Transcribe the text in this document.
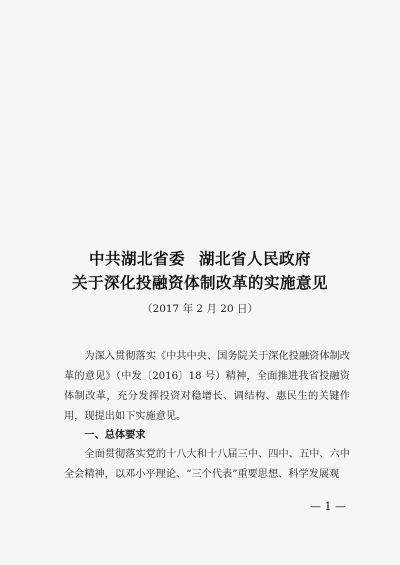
中共湖北省委 湖北省人民政府
关于深化投融资体制改革的实施意见
（2017 年 2 月 20 日）

为深入贯彻落实《中共中央、国务院关于深化投融资体制改革的意见》（中发〔2016〕18 号）精神，全面推进我省投融资体制改革，充分发挥投资对稳增长、调结构、惠民生的关键作用，现提出如下实施意见。

一、总体要求

全面贯彻落实党的十八大和十八届三中、四中、五中、六中全会精神，以邓小平理论、“三个代表”重要思想、科学发展观

— 1 —
